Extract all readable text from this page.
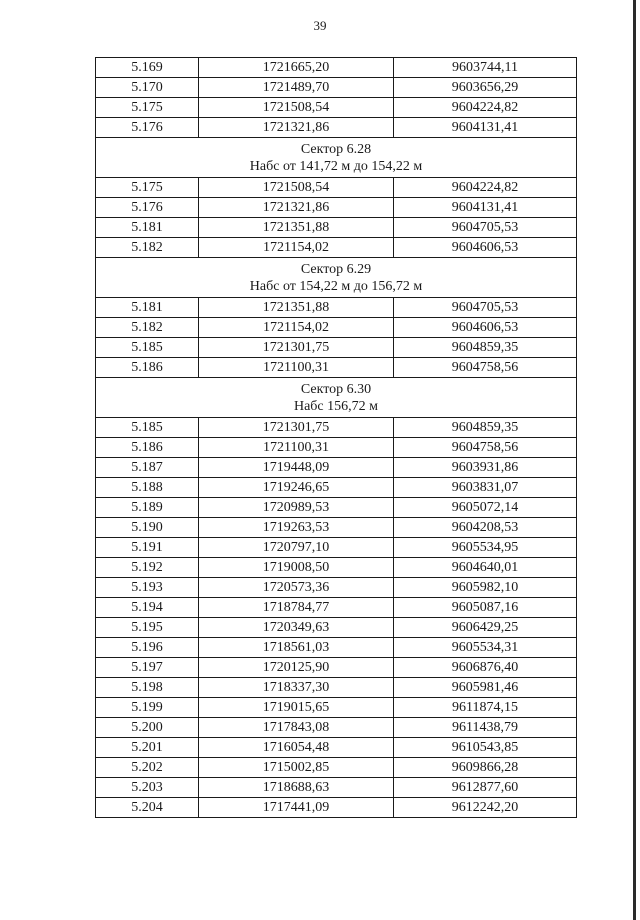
39
5.169	1721665,20	9603744,11
5.170	1721489,70	9603656,29
5.175	1721508,54	9604224,82
5.176	1721321,86	9604131,41

Сектор 6.28
Набс от 141,72 м до 154,22 м		

5.175	1721508,54	9604224,82
5.176	1721321,86	9604131,41
5.181	1721351,88	9604705,53
5.182	1721154,02	9604606,53

Сектор 6.29
Набс от 154,22 м до 156,72 м		

5.181	1721351,88	9604705,53
5.182	1721154,02	9604606,53
5.185	1721301,75	9604859,35
5.186	1721100,31	9604758,56

Сектор 6.30
Набс 156,72 м		

5.185	1721301,75	9604859,35
5.186	1721100,31	9604758,56
5.187	1719448,09	9603931,86
5.188	1719246,65	9603831,07
5.189	1720989,53	9605072,14
5.190	1719263,53	9604208,53
5.191	1720797,10	9605534,95
5.192	1719008,50	9604640,01
5.193	1720573,36	9605982,10
5.194	1718784,77	9605087,16
5.195	1720349,63	9606429,25
5.196	1718561,03	9605534,31
5.197	1720125,90	9606876,40
5.198	1718337,30	9605981,46
5.199	1719015,65	9611874,15
5.200	1717843,08	9611438,79
5.201	1716054,48	9610543,85
5.202	1715002,85	9609866,28
5.203	1718688,63	9612877,60
5.204	1717441,09	9612242,20
